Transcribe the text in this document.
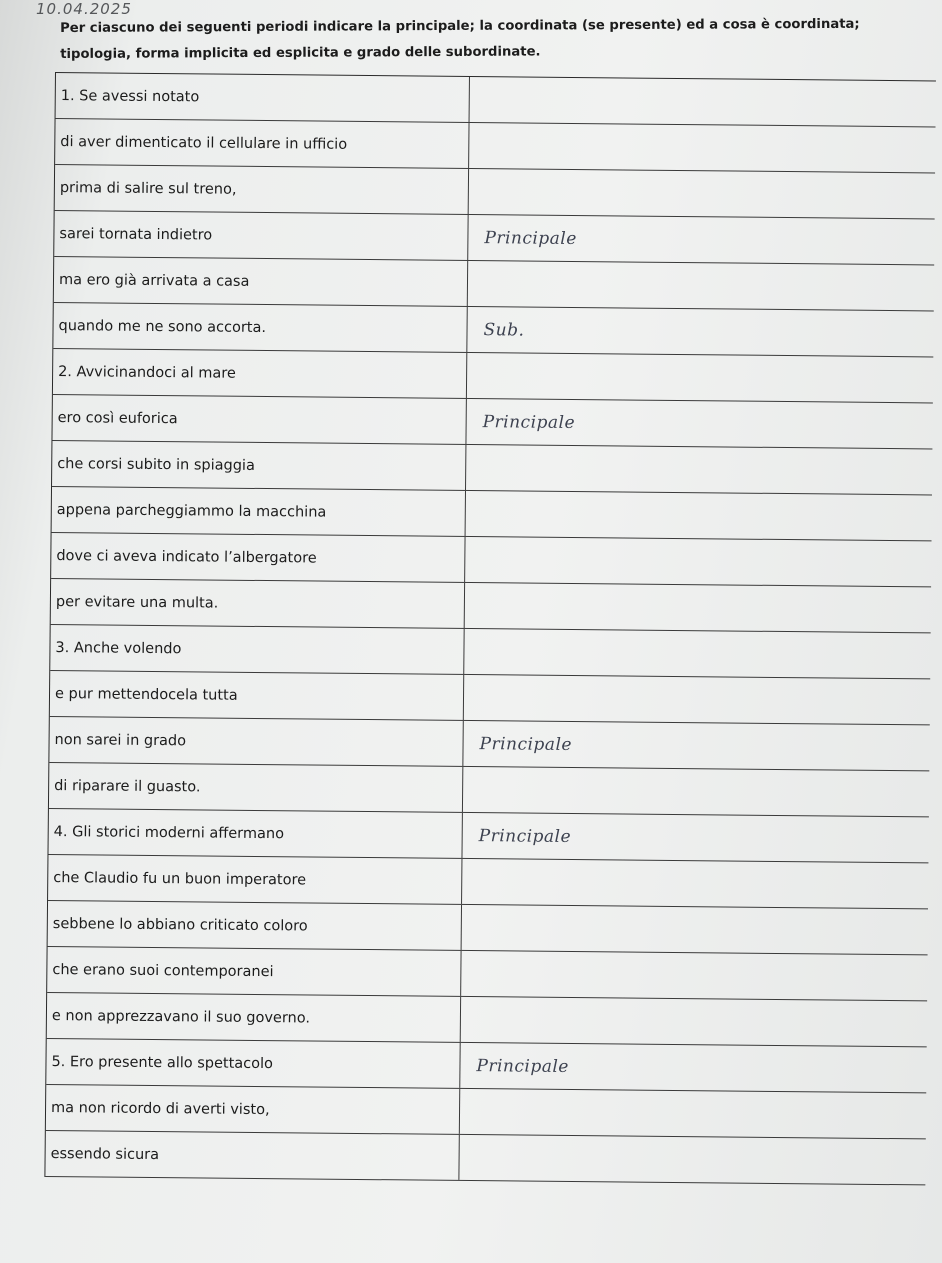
10.04.2025
Per ciascuno dei seguenti periodi indicare la principale; la coordinata (se presente) ed a cosa è coordinata; tipologia, forma implicita ed esplicita e grado delle subordinate.
1. Se avessi notato
di aver dimenticato il cellulare in ufficio
prima di salire sul treno,
sarei tornata indietro	Principale
ma ero già arrivata a casa
quando me ne sono accorta.	Sub.
2. Avvicinandoci al mare
ero così euforica	Principale
che corsi subito in spiaggia
appena parcheggiammo la macchina
dove ci aveva indicato l’albergatore
per evitare una multa.
3. Anche volendo
e pur mettendocela tutta
non sarei in grado	Principale
di riparare il guasto.
4. Gli storici moderni affermano	Principale
che Claudio fu un buon imperatore
sebbene lo abbiano criticato coloro
che erano suoi contemporanei
e non apprezzavano il suo governo.
5. Ero presente allo spettacolo	Principale
ma non ricordo di averti visto,
essendo sicura
